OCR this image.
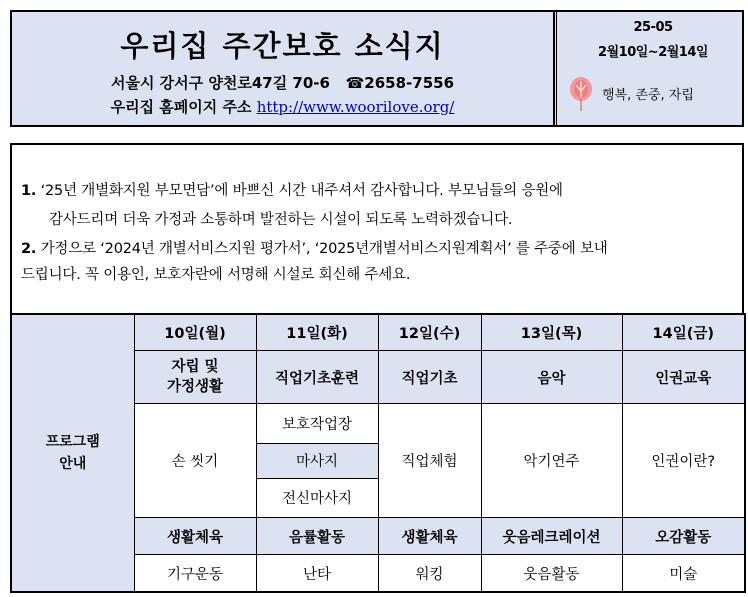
우리집 주간보호 소식지
서울시 강서구 양천로47길 70-6 ☎2658-7556
우리집 홈페이지 주소 http://www.woorilove.org/
25-05
2월10일~2월14일
행복, 존중, 자립
1. ‘25년 개별화지원 부모면담’에 바쁘신 시간 내주셔서 감사합니다. 부모님들의 응원에
감사드리며 더욱 가정과 소통하며 발전하는 시설이 되도록 노력하겠습니다.
2. 가정으로 ‘2024년 개별서비스지원 평가서’, ‘2025년개별서비스지원계획서’ 를 주중에 보내
드립니다. 꼭 이용인, 보호자란에 서명해 시설로 회신해 주세요.
프로그램
안내	10일(월)	11일(화)	12일(수)	13일(목)	14일(금)

	자립 및
가정생활	직업기초훈련	직업기초	음악	인권교육
	손 씻기	보호작업장	직업체험	악기연주	인권이란?
		마사지			
		전신마사지			
	생활체육	음률활동	생활체육	웃음레크레이션	오감활동
	기구운동	난타	워킹	웃음활동	미술
